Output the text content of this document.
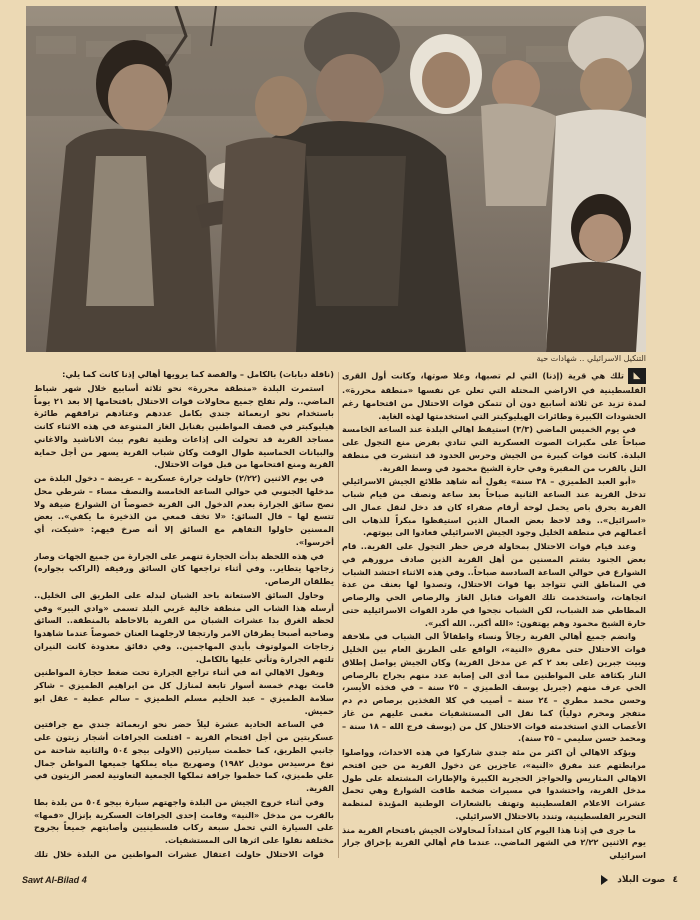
التنكيل الاسرائيلي .. شهادات حية

◣تلك هي قرية (إذنا) التي لم تصبها، وعلا صوتها، وكانت أول القرى الفلسطينية في الاراضي المحتلة التي تعلن عن نفسها «منطقة محررة». لمدة تزيد عن ثلاثة أسابيع دون أن تتمكن قوات الاحتلال من اقتحامها رغم الحشودات الكبيرة وطائرات الهيليوكبتر التي استخدمتها لهذه الغاية.

في يوم الخميس الماضي (٣/٣) استيقظ اهالي البلدة عند الساعة الخامسة صباحاً على مكبرات الصوت العسكرية التي تنادي بفرض منع التجول على البلدة. كانت قوات كبيرة من الجيش وحرس الحدود قد انتشرت في منطقة التل بالقرب من المقبرة وفي حارة الشيخ محمود في وسط القرية.

«أبو العبد الطميزي – ٣٨ سنة» يقول أنه شاهد طلائع الجيش الاسرائيلي تدخل القرية عند الساعة الثانية صباحاً بعد ساعة ونصف من قيام شباب القرية بحرق باص يحمل لوحة أرقام صفراء كان قد دخل لنقل عمال الى «اسرائيل».. وقد لاحظ بعض العمال الذين استيقظوا مبكراً للذهاب الى أعمالهم في منطقة الخليل وجود الجيش الاسرائيلي فعادوا الى بيوتهم.

وعند قيام قوات الاحتلال بمحاولة فرض حظر التجول على القرية.. قام بعض الجنود بشتم المسنين من أهل القرية الذين صادف مرورهم في الشوارع في حوالي الساعة السادسة صباحاً.. وفي هذه الاثناء احتشد الشباب في المناطق التي تتواجد بها قوات الاحتلال، وتصدوا لها بعنف من عدة اتجاهات، واستخدمت تلك القوات قنابل الغاز والرصاص الحي والرصاص المطاطي ضد الشباب، لكن الشباب نجحوا في طرد القوات الاسرائيلية حتى حارة الشيخ محمود وهم يهتفون: «الله أكبر.. الله أكبر».

وانضم جميع أهالي القرية رجالاً ونساء واطفالاً الى الشباب في ملاحقة قوات الاحتلال حتى مفرق «النية»، الواقع على الطريق العام بين الخليل وبيت جبرين (على بعد ٢ كم عن مدخل القرية) وكان الجيش يواصل إطلاق النار بكثافة على المواطنين مما أدى الى إصابة عدد منهم بجراح بالرصاص الحي عرف منهم (جبريل يوسف الطميزي – ٢٥ سنة – في فخذه الأيسر، وحسن محمد مطري – ٢٤ سنة – أصيب في كلا الفخذين برصاص دم دم متفجر ومحرم دولياً) كما نقل الى المستشفيات مغمى عليهم من غاز الأعصاب الذي استخدمته قوات الاحتلال كل من (يوسف فرج الله – ١٨ سنة – ومحمد حسن سليمي – ٣٥ سنة).

ويؤكد الاهالي أن اكثر من مئة جندي شاركوا في هذه الاحداث، وواصلوا مرابطتهم عند مفرق «النية»، عاجزين عن دخول القرية من حين اقتحم الاهالي المتاريس والحواجز الحجرية الكبيرة والإطارات المشتعلة على طول مدخل القرية، واحتشدوا في مسيرات ضخمة طافت الشوارع وهي تحمل عشرات الاعلام الفلسطينية وتهتف بالشعارات الوطنية المؤيدة لمنظمة التحرير الفلسطينية، وتندد بالاحتلال الاسرائيلي.

ما جرى في إذنا هذا اليوم كان امتداداً لمحاولات الجيش باقتحام القرية منذ يوم الاثنين ٢/٢٢ في الشهر الماضي.. عندما قام أهالي القرية بإحراق جرار اسرائيلي

(ناقلة دبابات) بالكامل – والقصة كما يرويها أهالي إذنا كانت كما يلي:

استمرت البلدة «منطقة محررة» نحو ثلاثة أسابيع خلال شهر شباط الماضي.. ولم تفلح جميع محاولات قوات الاحتلال باقتحامها إلا بعد ٢١ يوماً باستخدام نحو اربعمائة جندي بكامل عددهم وعتادهم ترافقهم طائرة هيليوكبتر في قصف المواطنين بقنابل الغاز المتنوعة في هذه الاثناء كانت مساجد القرية قد تحولت الى إذاعات وطنية تقوم ببث الاناشيد والاغاني والبيانات الحماسية طوال الوقت وكان شباب القرية يسهر من أجل حماية القرية ومنع اقتحامها من قبل قوات الاحتلال.

في يوم الاثنين (٢/٢٢) حاولت جرارة عسكرية – عريضة – دخول البلدة من مدخلها الجنوبي في حوالي الساعة الخامسة والنصف مساء – شرطي محل نصح سائق الجرارة بعدم الدخول الى القرية خصوصاً ان الشوارع ضيقة ولا تتسع لها – قال السائق: «لا تخف فمعي من الذخيرة ما يكفي».. بعض المسنين حاولوا التفاهم مع السائق إلا أنه صرخ فيهم: «شيكت، أي أخرسوا».

في هذه اللحظة بدأت الحجارة تنهمر على الجرارة من جميع الجهات وصار زجاجها يتطاير.. وفي أثناء تراجعها كان السائق ورفيقه (الراكب بجواره) يطلقان الرصاص.

وحاول السائق الاستعانة باحد الشبان لبدله على الطريق الى الخليل.. أرسله هذا الشاب الى منطقة خالية غربي البلد تسمى «وادي البير» وفي لحظة الغرق بدا عشرات الشبان من القرية بالاحاطة بالمنطقة.. السائق وصاحبه أصبحا يطرقان الامر وارتجفا لارجلهما العنان خصوصاً عندما شاهدوا زجاجات المولوتوف بأيدي المهاجمين.. وفي دقائق معدودة كانت النيران تلتهم الجرارة وتأتي عليها بالكامل.

ويقول الاهالي انه في أثناء تراجع الجرارة تحت ضغط حجارة المواطنين قامت بهدم خمسة أسوار تابعة لمنازل كل من ابراهيم الطميزي – شاكر سلامة الطميزي – عبد الحليم مسلم الطميزي – سالم عطية – عقل ابو حميش.

في الساعة الحادية عشرة ليلاً حضر نحو اربعمائة جندي مع جرافتين عسكريتين من أجل اقتحام القرية – اقتلعت الجرافات أشجار زيتون على جانبي الطريق، كما حطمت سيارتين (الاولى بيجو ٥٠٤ والثانية شاحنة من نوع مرسيدس موديل ١٩٨٢) وصهريج مياه يملكها جميعها المواطن جمال علي طميزي، كما حطموا جرافة تملكها الجمعية التعاونية لعصر الزيتون في القرية.

وفي أثناء خروج الجيش من البلدة واجهتهم سيارة بيجو ٥٠٤ من بلدة بطا بالقرب من مدخل «النية» وقامت إحدى الجرافات العسكرية بإنزال «فمها» على السيارة التي تحمل سبعة ركاب فلسطينيين وأصابتهم جميعاً بجروح مختلفة نقلوا على اثرها الى المستشفيات.

قوات الاحتلال حاولت اعتقال عشرات المواطنين من البلدة خلال تلك

Sawt Al-Bilad 4	٤ صوت البلاد
